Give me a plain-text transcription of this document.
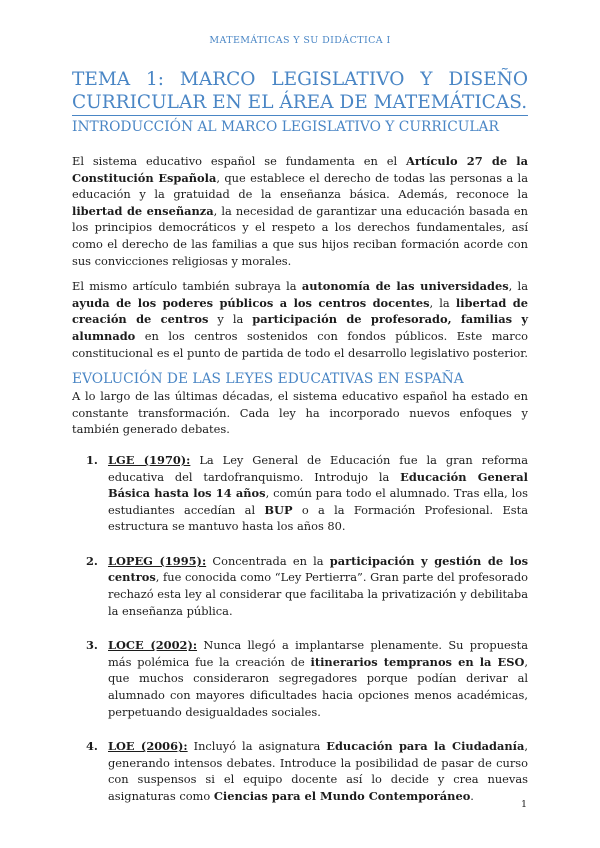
MATEMÁTICAS Y SU DIDÁCTICA I
TEMA 1: MARCO LEGISLATIVO Y DISEÑO CURRICULAR EN EL ÁREA DE MATEMÁTICAS.
INTRODUCCIÓN AL MARCO LEGISLATIVO Y CURRICULAR

El sistema educativo español se fundamenta en el Artículo 27 de la Constitución Española, que establece el derecho de todas las personas a la educación y la gratuidad de la enseñanza básica. Además, reconoce la libertad de enseñanza, la necesidad de garantizar una educación basada en los principios democráticos y el respeto a los derechos fundamentales, así como el derecho de las familias a que sus hijos reciban formación acorde con sus convicciones religiosas y morales.

El mismo artículo también subraya la autonomía de las universidades, la ayuda de los poderes públicos a los centros docentes, la libertad de creación de centros y la participación de profesorado, familias y alumnado en los centros sostenidos con fondos públicos. Este marco constitucional es el punto de partida de todo el desarrollo legislativo posterior.

EVOLUCIÓN DE LAS LEYES EDUCATIVAS EN ESPAÑA

A lo largo de las últimas décadas, el sistema educativo español ha estado en constante transformación. Cada ley ha incorporado nuevos enfoques y también generado debates.

1. LGE (1970): La Ley General de Educación fue la gran reforma educativa del tardofranquismo. Introdujo la Educación General Básica hasta los 14 años, común para todo el alumnado. Tras ella, los estudiantes accedían al BUP o a la Formación Profesional. Esta estructura se mantuvo hasta los años 80.
2. LOPEG (1995): Concentrada en la participación y gestión de los centros, fue conocida como “Ley Pertierra”. Gran parte del profesorado rechazó esta ley al considerar que facilitaba la privatización y debilitaba la enseñanza pública.
3. LOCE (2002): Nunca llegó a implantarse plenamente. Su propuesta más polémica fue la creación de itinerarios tempranos en la ESO, que muchos consideraron segregadores porque podían derivar al alumnado con mayores dificultades hacia opciones menos académicas, perpetuando desigualdades sociales.
4. LOE (2006): Incluyó la asignatura Educación para la Ciudadanía, generando intensos debates. Introduce la posibilidad de pasar de curso con suspensos si el equipo docente así lo decide y crea nuevas asignaturas como Ciencias para el Mundo Contemporáneo.
1
